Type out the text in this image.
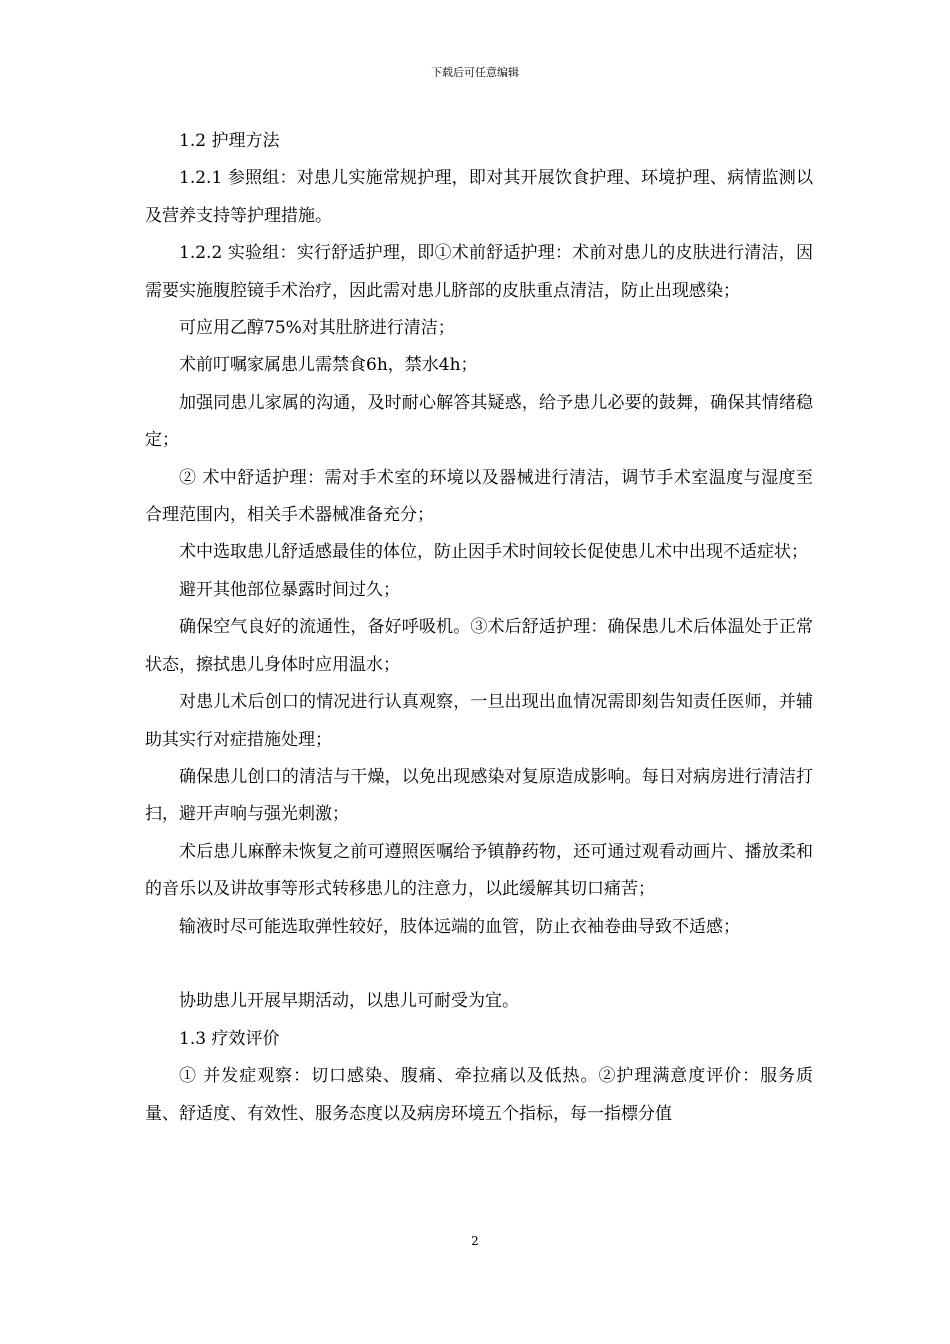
下载后可任意编辑

1.2 护理方法

1.2.1 参照组：对患儿实施常规护理，即对其开展饮食护理、环境护理、病情监测以及营养支持等护理措施。

1.2.2 实验组：实行舒适护理，即①术前舒适护理：术前对患儿的皮肤进行清洁，因需要实施腹腔镜手术治疗，因此需对患儿脐部的皮肤重点清洁，防止出现感染；

可应用乙醇75%对其肚脐进行清洁；

术前叮嘱家属患儿需禁食6h，禁水4h；

加强同患儿家属的沟通，及时耐心解答其疑惑，给予患儿必要的鼓舞，确保其情绪稳定；

② 术中舒适护理：需对手术室的环境以及器械进行清洁，调节手术室温度与湿度至合理范围内，相关手术器械准备充分；

术中选取患儿舒适感最佳的体位，防止因手术时间较长促使患儿术中出现不适症状；

避开其他部位暴露时间过久；

确保空气良好的流通性，备好呼吸机。③术后舒适护理：确保患儿术后体温处于正常状态，擦拭患儿身体时应用温水；

对患儿术后创口的情况进行认真观察，一旦出现出血情况需即刻告知责任医师，并辅助其实行对症措施处理；

确保患儿创口的清洁与干燥，以免出现感染对复原造成影响。每日对病房进行清洁打扫，避开声响与强光刺激；

术后患儿麻醉未恢复之前可遵照医嘱给予镇静药物，还可通过观看动画片、播放柔和的音乐以及讲故事等形式转移患儿的注意力，以此缓解其切口痛苦；

输液时尽可能选取弹性较好，肢体远端的血管，防止衣袖卷曲导致不适感；

协助患儿开展早期活动，以患儿可耐受为宜。

1.3 疗效评价

① 并发症观察：切口感染、腹痛、牵拉痛以及低热。②护理满意度评价：服务质量、舒适度、有效性、服务态度以及病房环境五个指标，每一指標分值

2
